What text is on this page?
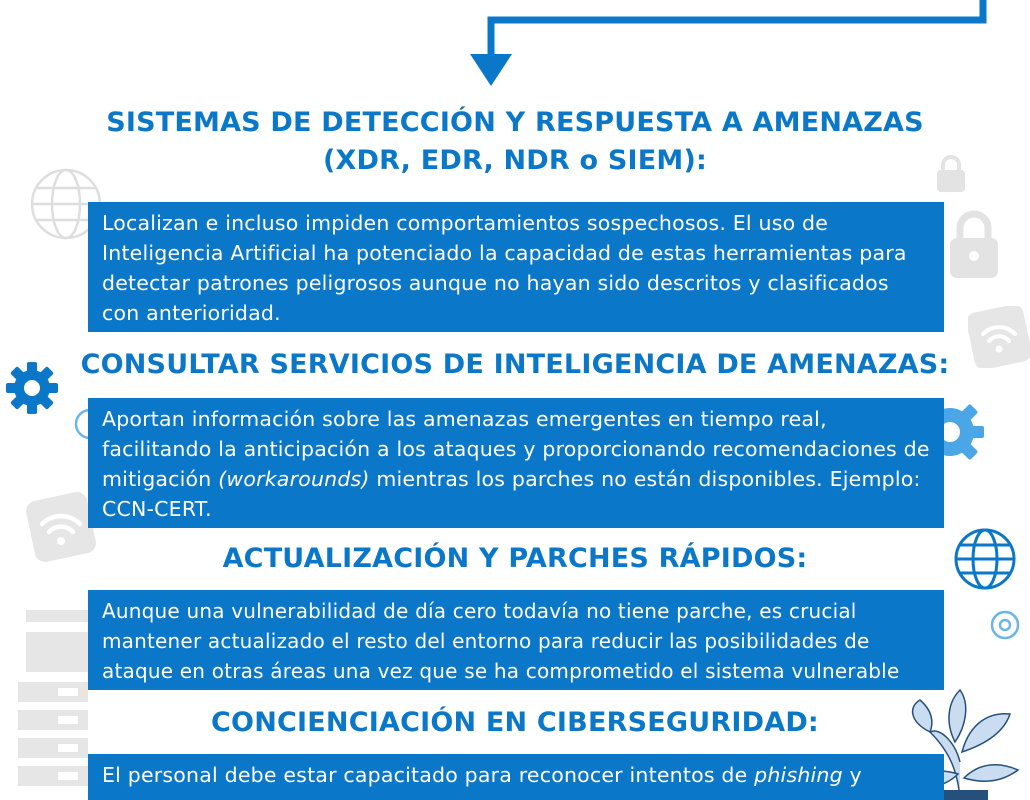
SISTEMAS DE DETECCIÓN Y RESPUESTA A AMENAZAS
(XDR, EDR, NDR o SIEM):
Localizan e incluso impiden comportamientos sospechosos. El uso de Inteligencia Artificial ha potenciado la capacidad de estas herramientas para detectar patrones peligrosos aunque no hayan sido descritos y clasificados con anterioridad.
CONSULTAR SERVICIOS DE INTELIGENCIA DE AMENAZAS:
Aportan información sobre las amenazas emergentes en tiempo real, facilitando la anticipación a los ataques y proporcionando recomendaciones de mitigación (workarounds) mientras los parches no están disponibles. Ejemplo: CCN-CERT.
ACTUALIZACIÓN Y PARCHES RÁPIDOS:
Aunque una vulnerabilidad de día cero todavía no tiene parche, es crucial mantener actualizado el resto del entorno para reducir las posibilidades de ataque en otras áreas una vez que se ha comprometido el sistema vulnerable
CONCIENCIACIÓN EN CIBERSEGURIDAD:
El personal debe estar capacitado para reconocer intentos de phishing y
